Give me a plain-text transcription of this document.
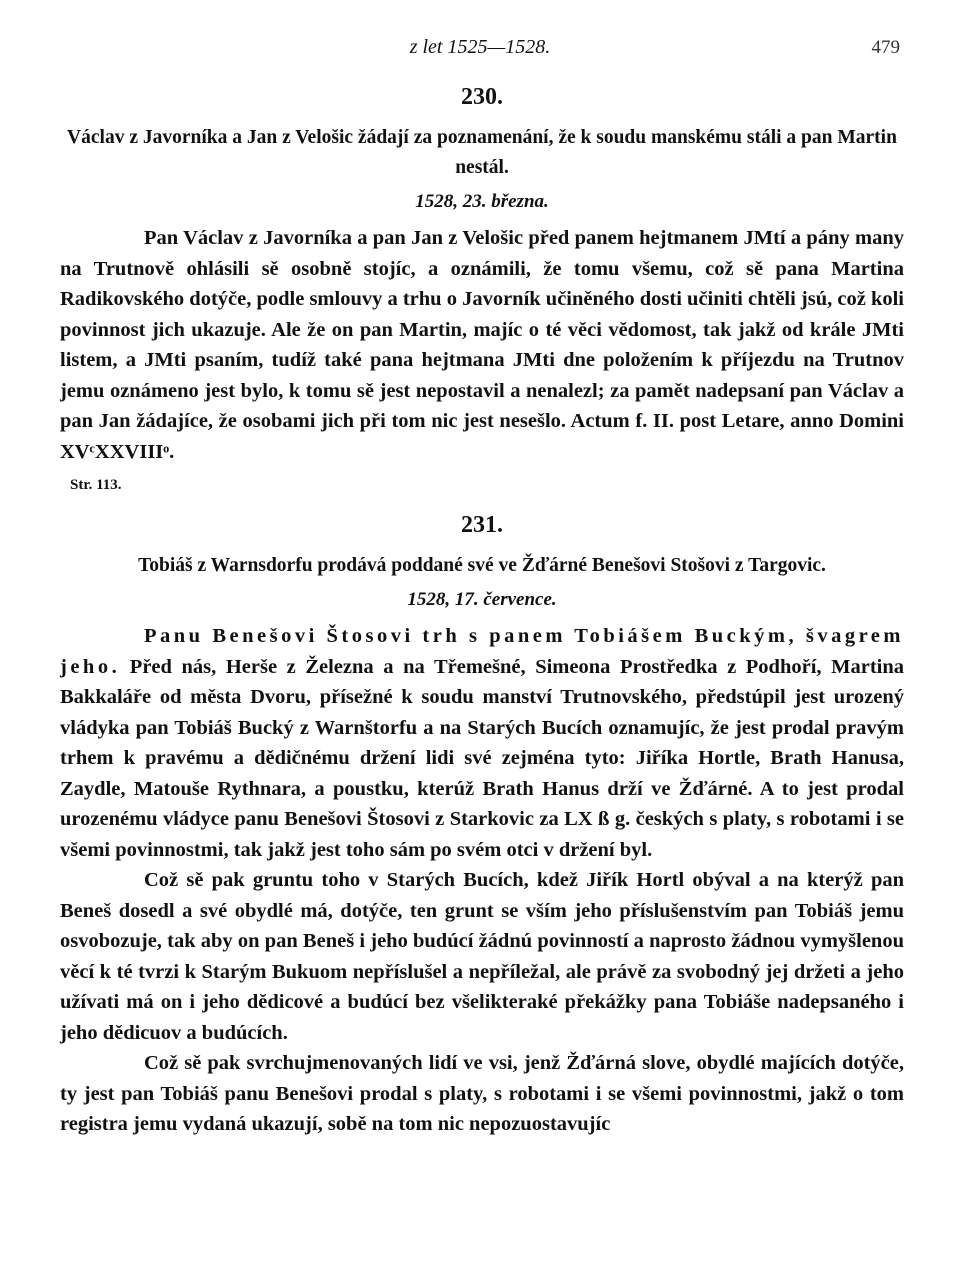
z let 1525—1528.	479
230.
Václav z Javorníka a Jan z Velošic žádají za poznamenání, že k soudu manskému stáli a pan Martin nestál.
1528, 23. března.

Pan Václav z Javorníka a pan Jan z Velošic před panem hejtmanem JMtí a pány many na Trutnově ohlásili sě osobně stojíc, a oznámili, že tomu všemu, což sě pana Martina Radikovského dotýče, podle smlouvy a trhu o Javorník učiněného dosti učiniti chtěli jsú, což koli povinnost jich ukazuje. Ale že on pan Martin, majíc o té věci vědomost, tak jakž od krále JMti listem, a JMti psaním, tudíž také pana hejtmana JMti dne položením k příjezdu na Trutnov jemu oznámeno jest bylo, k tomu sě jest nepostavil a nenalezl; za pamět nadepsaní pan Václav a pan Jan žádajíce, že osobami jich při tom nic jest nesešlo. Actum f. II. post Letare, anno Domini XVᶜXXVIIIᵒ.

Str. 113.
231.
Tobiáš z Warnsdorfu prodává poddané své ve Žďárné Benešovi Stošovi z Targovic.
1528, 17. července.

Panu Benešovi Štosovi trh s panem Tobiášem Buckým, švagrem jeho. Před nás, Herše z Železna a na Třemešné, Simeona Prostředka z Podhoří, Martina Bakkaláře od města Dvoru, přísežné k soudu manství Trutnovského, předstúpil jest urozený vládyka pan Tobiáš Bucký z Warnštorfu a na Starých Bucích oznamujíc, že jest prodal pravým trhem k pravému a dědičnému držení lidi své zejména tyto: Jiříka Hortle, Brath Hanusa, Zaydle, Matouše Rythnara, a poustku, kterúž Brath Hanus drží ve Žďárné. A to jest prodal urozenému vládyce panu Benešovi Štosovi z Starkovic za LX ß g. českých s platy, s robotami i se všemi povinnostmi, tak jakž jest toho sám po svém otci v držení byl.

Což sě pak gruntu toho v Starých Bucích, kdež Jiřík Hortl obýval a na kterýž pan Beneš dosedl a své obydlé má, dotýče, ten grunt se vším jeho příslušenstvím pan Tobiáš jemu osvobozuje, tak aby on pan Beneš i jeho budúcí žádnú povinností a naprosto žádnou vymyšlenou věcí k té tvrzi k Starým Bukuom nepříslušel a nepříležal, ale právě za svobodný jej držeti a jeho užívati má on i jeho dědicové a budúcí bez všelikteraké překážky pana Tobiáše nadepsaného i jeho dědicuov a budúcích.

Což sě pak svrchujmenovaných lidí ve vsi, jenž Žďárná slove, obydlé majících dotýče, ty jest pan Tobiáš panu Benešovi prodal s platy, s robotami i se všemi povinnostmi, jakž o tom registra jemu vydaná ukazují, sobě na tom nic nepozuostavujíc
